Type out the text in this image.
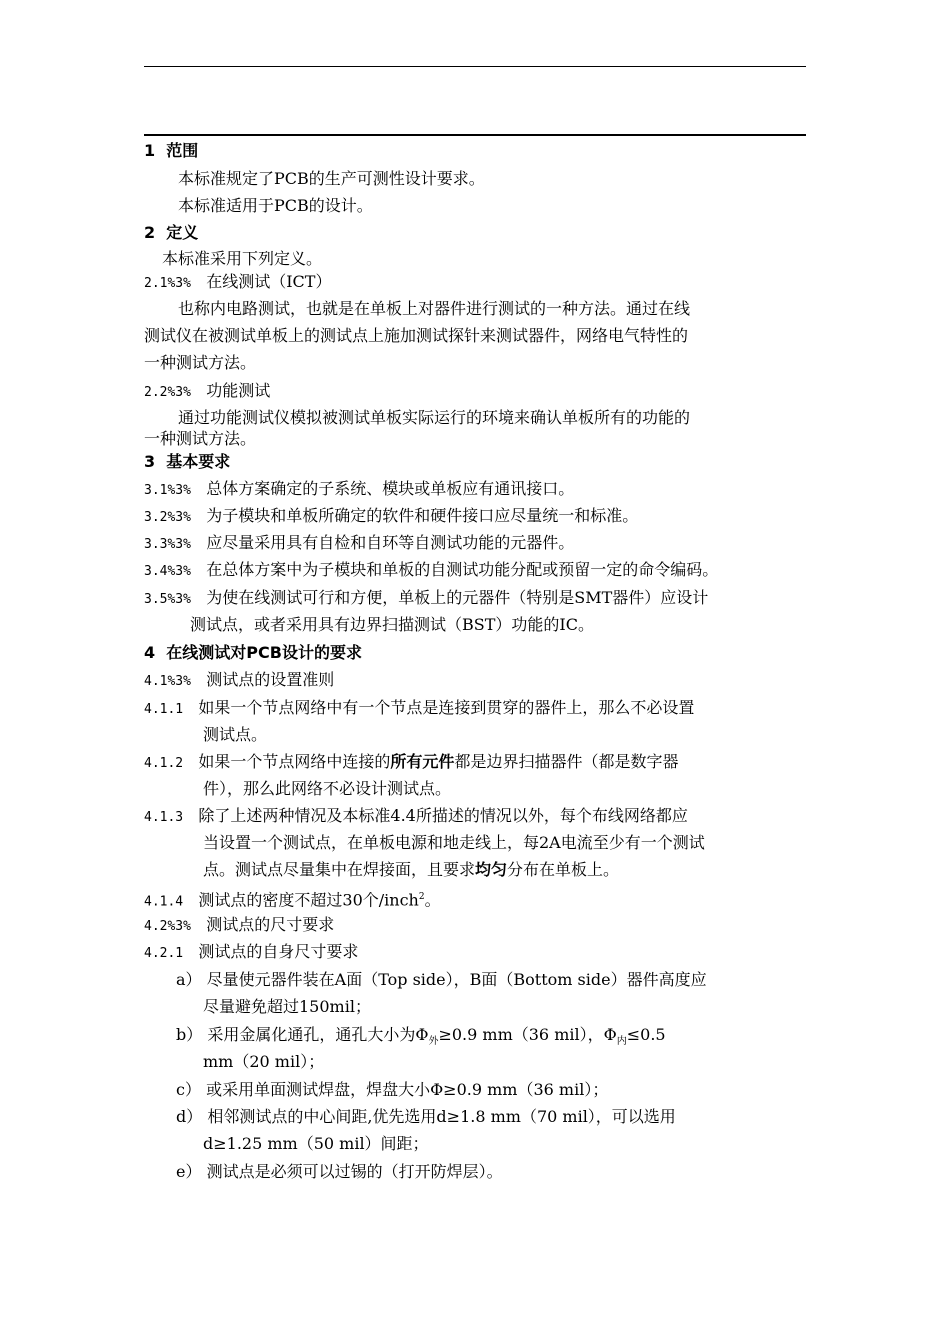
1 范围
本标准规定了PCB的生产可测性设计要求。
本标准适用于PCB的设计。
2 定义
本标准采用下列定义。
2.1%3% 在线测试（ICT）
也称内电路测试，也就是在单板上对器件进行测试的一种方法。通过在线
测试仪在被测试单板上的测试点上施加测试探针来测试器件，网络电气特性的
一种测试方法。
2.2%3% 功能测试
通过功能测试仪模拟被测试单板实际运行的环境来确认单板所有的功能的
一种测试方法。
3 基本要求
3.1%3% 总体方案确定的子系统、模块或单板应有通讯接口。
3.2%3% 为子模块和单板所确定的软件和硬件接口应尽量统一和标准。
3.3%3% 应尽量采用具有自检和自环等自测试功能的元器件。
3.4%3% 在总体方案中为子模块和单板的自测试功能分配或预留一定的命令编码。
3.5%3% 为使在线测试可行和方便，单板上的元器件（特别是SMT器件）应设计
测试点，或者采用具有边界扫描测试（BST）功能的IC。
4 在线测试对PCB设计的要求
4.1%3% 测试点的设置准则
4.1.1 如果一个节点网络中有一个节点是连接到贯穿的器件上，那么不必设置
测试点。
4.1.2 如果一个节点网络中连接的所有元件都是边界扫描器件（都是数字器
件），那么此网络不必设计测试点。
4.1.3 除了上述两种情况及本标准4.4所描述的情况以外，每个布线网络都应
当设置一个测试点，在单板电源和地走线上，每2A电流至少有一个测试
点。测试点尽量集中在焊接面，且要求均匀分布在单板上。
4.1.4 测试点的密度不超过30个/inch$^2$。
4.2%3% 测试点的尺寸要求
4.2.1 测试点的自身尺寸要求
a） 尽量使元器件装在A面（Top side），B面（Bottom side）器件高度应
尽量避免超过150mil；
b） 采用金属化通孔，通孔大小为$\Phi_外\ge 0.9$ mm（36 mil），$\Phi_内\le 0.5$
mm（20 mil）；
c） 或采用单面测试焊盘，焊盘大小Φ≥0.9 mm（36 mil）；
d） 相邻测试点的中心间距,优先选用d≥1.8 mm（70 mil），可以选用
d≥1.25 mm（50 mil）间距；
e） 测试点是必须可以过锡的（打开防焊层）。
